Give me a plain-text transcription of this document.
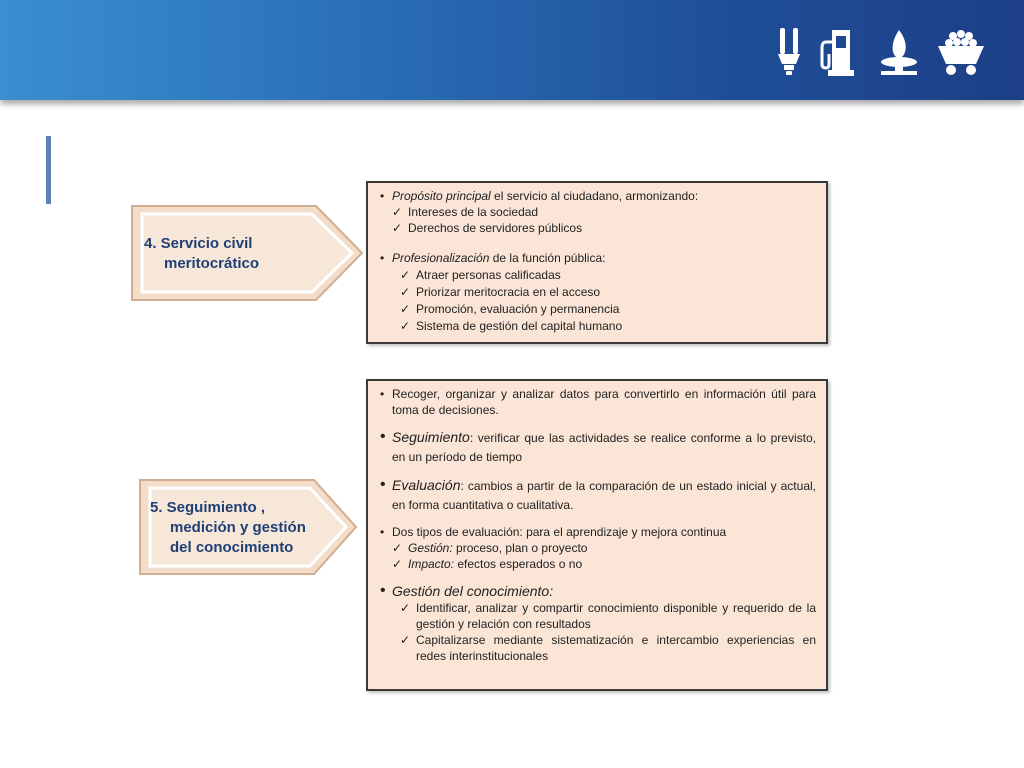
4. Servicio civil
meritocrático
• Propósito principal el servicio al ciudadano, armonizando:
✓ Intereses de la sociedad
✓ Derechos de servidores públicos
• Profesionalización de la función pública:
✓ Atraer personas calificadas
✓ Priorizar meritocracia en el acceso
✓ Promoción, evaluación y permanencia
✓ Sistema de gestión del capital humano
5. Seguimiento ,
medición y gestión
del conocimiento
• Recoger, organizar y analizar datos para convertirlo en información útil para toma de decisiones.
• Seguimiento: verificar que las actividades se realice conforme a lo previsto, en un período de tiempo
• Evaluación: cambios a partir de la comparación de un estado inicial y actual, en forma cuantitativa o cualitativa.
• Dos tipos de evaluación: para el aprendizaje y mejora continua
✓ Gestión: proceso, plan o proyecto
✓ Impacto: efectos esperados o no
• Gestión del conocimiento:
✓ Identificar, analizar y compartir conocimiento disponible y requerido de la gestión y relación con resultados
✓ Capitalizarse mediante sistematización e intercambio experiencias en redes interinstitucionales
